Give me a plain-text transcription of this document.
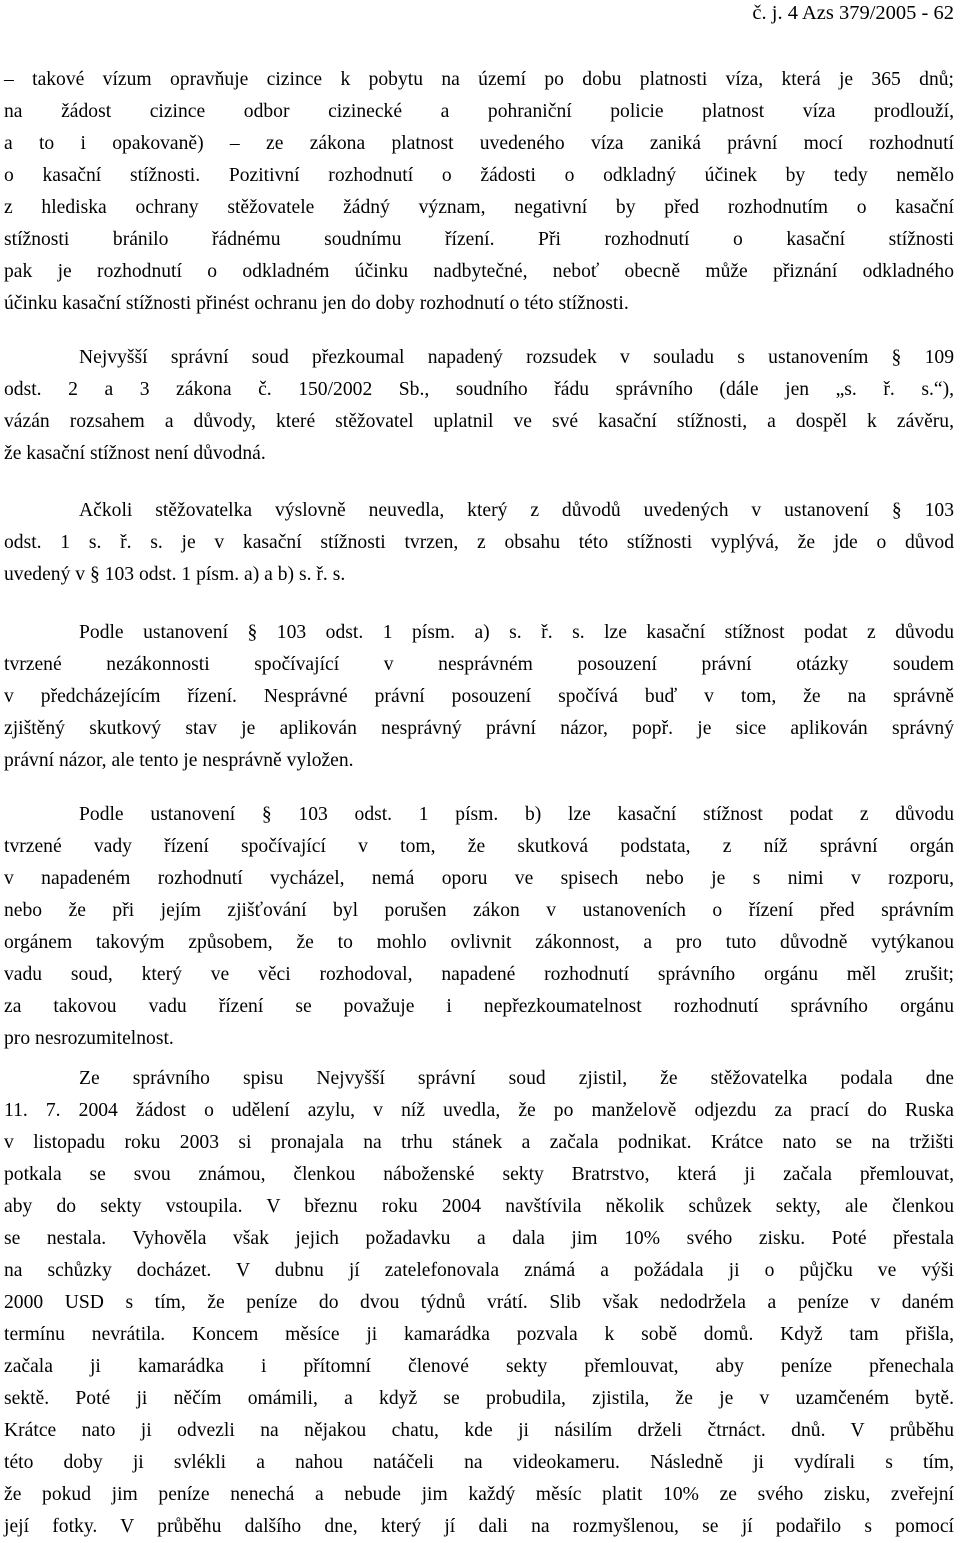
č. j. 4 Azs 379/2005 - 62
– takové vízum opravňuje cizince k pobytu na území po dobu platnosti víza, která je 365 dnů;
na žádost cizince odbor cizinecké a pohraniční policie platnost víza prodlouží,
a to i opakovaně) – ze zákona platnost uvedeného víza zaniká právní mocí rozhodnutí
o kasační stížnosti. Pozitivní rozhodnutí o žádosti o odkladný účinek by tedy nemělo
z hlediska ochrany stěžovatele žádný význam, negativní by před rozhodnutím o kasační
stížnosti bránilo řádnému soudnímu řízení. Při rozhodnutí o kasační stížnosti
pak je rozhodnutí o odkladném účinku nadbytečné, neboť obecně může přiznání odkladného
účinku kasační stížnosti přinést ochranu jen do doby rozhodnutí o této stížnosti.
Nejvyšší správní soud přezkoumal napadený rozsudek v souladu s ustanovením § 109
odst. 2 a 3 zákona č. 150/2002 Sb., soudního řádu správního (dále jen „s. ř. s.“),
vázán rozsahem a důvody, které stěžovatel uplatnil ve své kasační stížnosti, a dospěl k závěru,
že kasační stížnost není důvodná.
Ačkoli stěžovatelka výslovně neuvedla, který z důvodů uvedených v ustanovení § 103
odst. 1 s. ř. s. je v kasační stížnosti tvrzen, z obsahu této stížnosti vyplývá, že jde o důvod
uvedený v § 103 odst. 1 písm. a) a b) s. ř. s.
Podle ustanovení § 103 odst. 1 písm. a) s. ř. s. lze kasační stížnost podat z důvodu
tvrzené nezákonnosti spočívající v nesprávném posouzení právní otázky soudem
v předcházejícím řízení. Nesprávné právní posouzení spočívá buď v tom, že na správně
zjištěný skutkový stav je aplikován nesprávný právní názor, popř. je sice aplikován správný
právní názor, ale tento je nesprávně vyložen.
Podle ustanovení § 103 odst. 1 písm. b) lze kasační stížnost podat z důvodu
tvrzené vady řízení spočívající v tom, že skutková podstata, z níž správní orgán
v napadeném rozhodnutí vycházel, nemá oporu ve spisech nebo je s nimi v rozporu,
nebo že při jejím zjišťování byl porušen zákon v ustanoveních o řízení před správním
orgánem takovým způsobem, že to mohlo ovlivnit zákonnost, a pro tuto důvodně vytýkanou
vadu soud, který ve věci rozhodoval, napadené rozhodnutí správního orgánu měl zrušit;
za takovou vadu řízení se považuje i nepřezkoumatelnost rozhodnutí správního orgánu
pro nesrozumitelnost.
Ze správního spisu Nejvyšší správní soud zjistil, že stěžovatelka podala dne
11. 7. 2004 žádost o udělení azylu, v níž uvedla, že po manželově odjezdu za prací do Ruska
v listopadu roku 2003 si pronajala na trhu stánek a začala podnikat. Krátce nato se na tržišti
potkala se svou známou, členkou náboženské sekty Bratrstvo, která ji začala přemlouvat,
aby do sekty vstoupila. V březnu roku 2004 navštívila několik schůzek sekty, ale členkou
se nestala. Vyhověla však jejich požadavku a dala jim 10% svého zisku. Poté přestala
na schůzky docházet. V dubnu jí zatelefonovala známá a požádala ji o půjčku ve výši
2000 USD s tím, že peníze do dvou týdnů vrátí. Slib však nedodržela a peníze v daném
termínu nevrátila. Koncem měsíce ji kamarádka pozvala k sobě domů. Když tam přišla,
začala ji kamarádka i přítomní členové sekty přemlouvat, aby peníze přenechala
sektě. Poté ji něčím omámili, a když se probudila, zjistila, že je v uzamčeném bytě.
Krátce nato ji odvezli na nějakou chatu, kde ji násilím drželi čtrnáct. dnů. V průběhu
této doby ji svlékli a nahou natáčeli na videokameru. Následně ji vydírali s tím,
že pokud jim peníze nenechá a nebude jim každý měsíc platit 10% ze svého zisku, zveřejní
její fotky. V průběhu dalšího dne, který jí dali na rozmyšlenou, se jí podařilo s pomocí
